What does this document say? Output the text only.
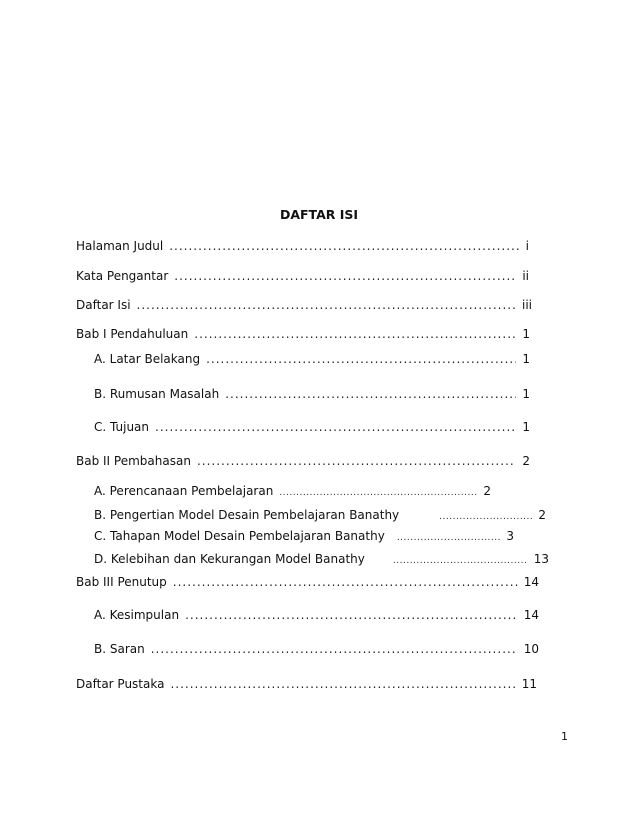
DAFTAR ISI
Halaman Judul .....	i
Kata Pengantar .....	ii
Daftar Isi .....	iii
Bab I Pendahuluan .....	1
A. Latar Belakang .....	1
B. Rumusan Masalah .....	1
C. Tujuan .....	1
Bab II Pembahasan .....	2
A. Perencanaan Pembelajaran .....	2
B. Pengertian Model Desain Pembelajaran Banathy .....	2
C. Tahapan Model Desain Pembelajaran Banathy .....	3
D. Kelebihan dan Kekurangan Model Banathy .....	13
Bab III Penutup .....	14
A. Kesimpulan .....	14
B. Saran .....	10
Daftar Pustaka .....	11
1
